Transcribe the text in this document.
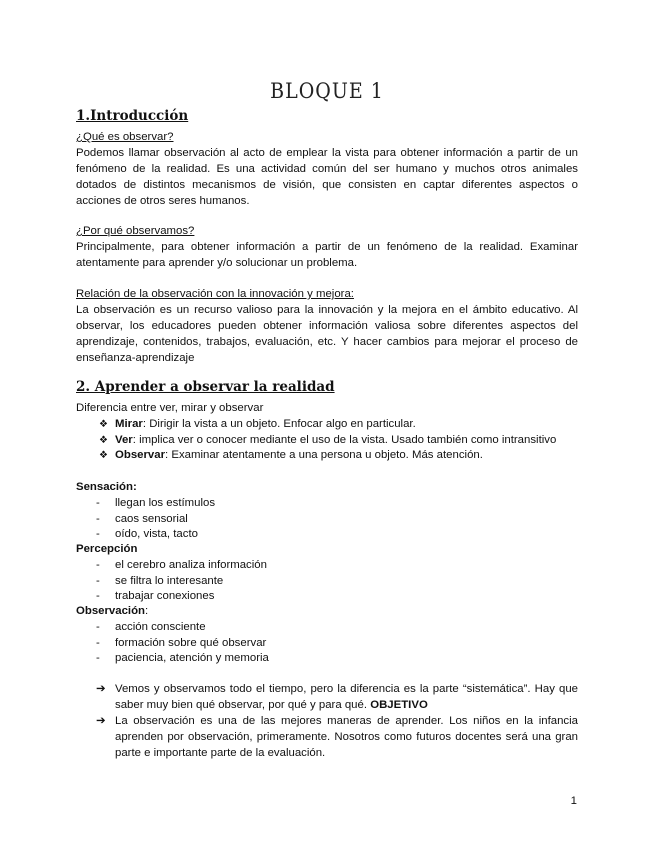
BLOQUE 1
1.Introducción
¿Qué es observar?
Podemos llamar observación al acto de emplear la vista para obtener información a partir de un fenómeno de la realidad. Es una actividad común del ser humano y muchos otros animales dotados de distintos mecanismos de visión, que consisten en captar diferentes aspectos o acciones de otros seres humanos.
¿Por qué observamos?
Principalmente, para obtener información a partir de un fenómeno de la realidad. Examinar atentamente para aprender y/o solucionar un problema.
Relación de la observación con la innovación y mejora:
La observación es un recurso valioso para la innovación y la mejora en el ámbito educativo. Al observar, los educadores pueden obtener información valiosa sobre diferentes aspectos del aprendizaje, contenidos, trabajos, evaluación, etc. Y hacer cambios para mejorar el proceso de enseñanza-aprendizaje
2. Aprender a observar la realidad
Diferencia entre ver, mirar y observar
❖ Mirar: Dirigir la vista a un objeto. Enfocar algo en particular.
❖ Ver: implica ver o conocer mediante el uso de la vista. Usado también como intransitivo
❖ Observar: Examinar atentamente a una persona u objeto. Más atención.
Sensación:
- llegan los estímulos
- caos sensorial
- oído, vista, tacto
Percepción
- el cerebro analiza información
- se filtra lo interesante
- trabajar conexiones
Observación:
- acción consciente
- formación sobre qué observar
- paciencia, atención y memoria
➔ Vemos y observamos todo el tiempo, pero la diferencia es la parte “sistemática”. Hay que saber muy bien qué observar, por qué y para qué. OBJETIVO
➔ La observación es una de las mejores maneras de aprender. Los niños en la infancia aprenden por observación, primeramente. Nosotros como futuros docentes será una gran parte e importante parte de la evaluación.
1
